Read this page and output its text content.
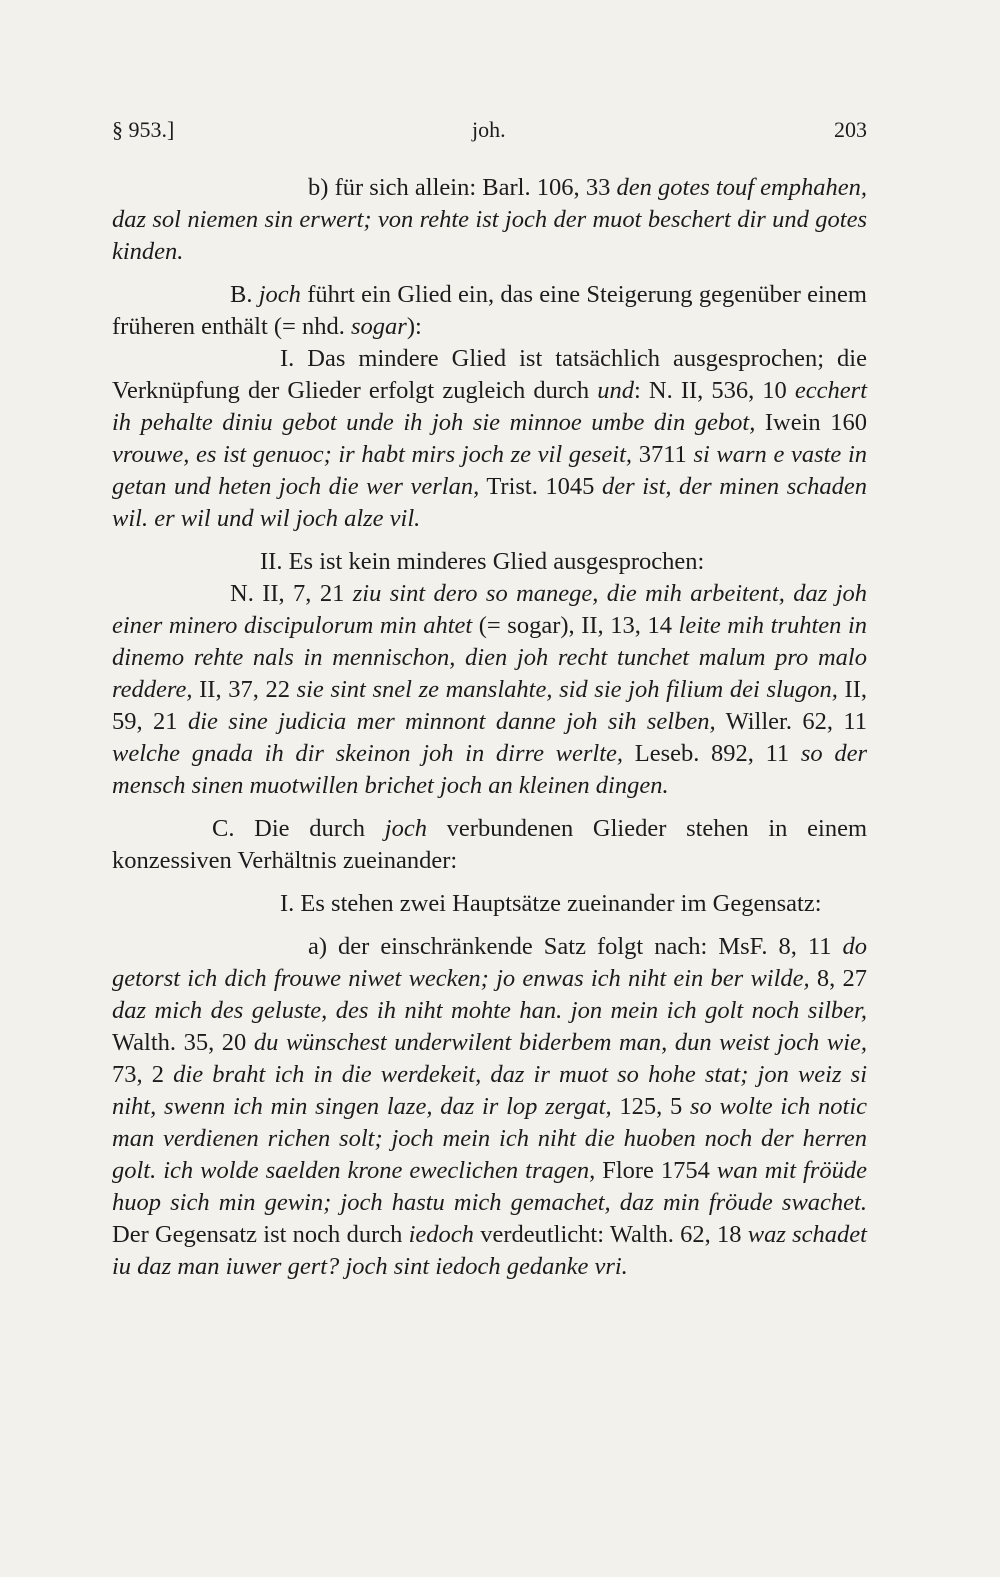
§ 953.]	joh.	203

b) für sich allein: Barl. 106, 33 den gotes touf emphahen, daz sol niemen sin erwert; von rehte ist joch der muot beschert dir und gotes kinden.

B. joch führt ein Glied ein, das eine Steigerung gegenüber einem früheren enthält (= nhd. sogar):

I. Das mindere Glied ist tatsächlich ausgesprochen; die Verknüpfung der Glieder erfolgt zugleich durch und: N. II, 536, 10 ecchert ih pehalte diniu gebot unde ih joh sie minnoe umbe din gebot, Iwein 160 vrouwe, es ist genuoc; ir habt mirs joch ze vil geseit, 3711 si warn e vaste in getan und heten joch die wer verlan, Trist. 1045 der ist, der minen schaden wil. er wil und wil joch alze vil.

II. Es ist kein minderes Glied ausgesprochen:

N. II, 7, 21 ziu sint dero so manege, die mih arbeitent, daz joh einer minero discipulorum min ahtet (= sogar), II, 13, 14 leite mih truhten in dinemo rehte nals in mennischon, dien joh recht tunchet malum pro malo reddere, II, 37, 22 sie sint snel ze manslahte, sid sie joh filium dei slugon, II, 59, 21 die sine judicia mer minnont danne joh sih selben, Willer. 62, 11 welche gnada ih dir skeinon joh in dirre werlte, Leseb. 892, 11 so der mensch sinen muotwillen brichet joch an kleinen dingen.

C. Die durch joch verbundenen Glieder stehen in einem konzessiven Verhältnis zueinander:

I. Es stehen zwei Hauptsätze zueinander im Gegensatz:

a) der einschränkende Satz folgt nach: MsF. 8, 11 do getorst ich dich frouwe niwet wecken; jo enwas ich niht ein ber wilde, 8, 27 daz mich des geluste, des ih niht mohte han. jon mein ich golt noch silber, Walth. 35, 20 du wünschest underwilent biderbem man, dun weist joch wie, 73, 2 die braht ich in die werdekeit, daz ir muot so hohe stat; jon weiz si niht, swenn ich min singen laze, daz ir lop zergat, 125, 5 so wolte ich notic man verdienen richen solt; joch mein ich niht die huoben noch der herren golt. ich wolde saelden krone eweclichen tragen, Flore 1754 wan mit fröüde huop sich min gewin; joch hastu mich gemachet, daz min fröude swachet. Der Gegensatz ist noch durch iedoch verdeutlicht: Walth. 62, 18 waz schadet iu daz man iuwer gert? joch sint iedoch gedanke vri.
